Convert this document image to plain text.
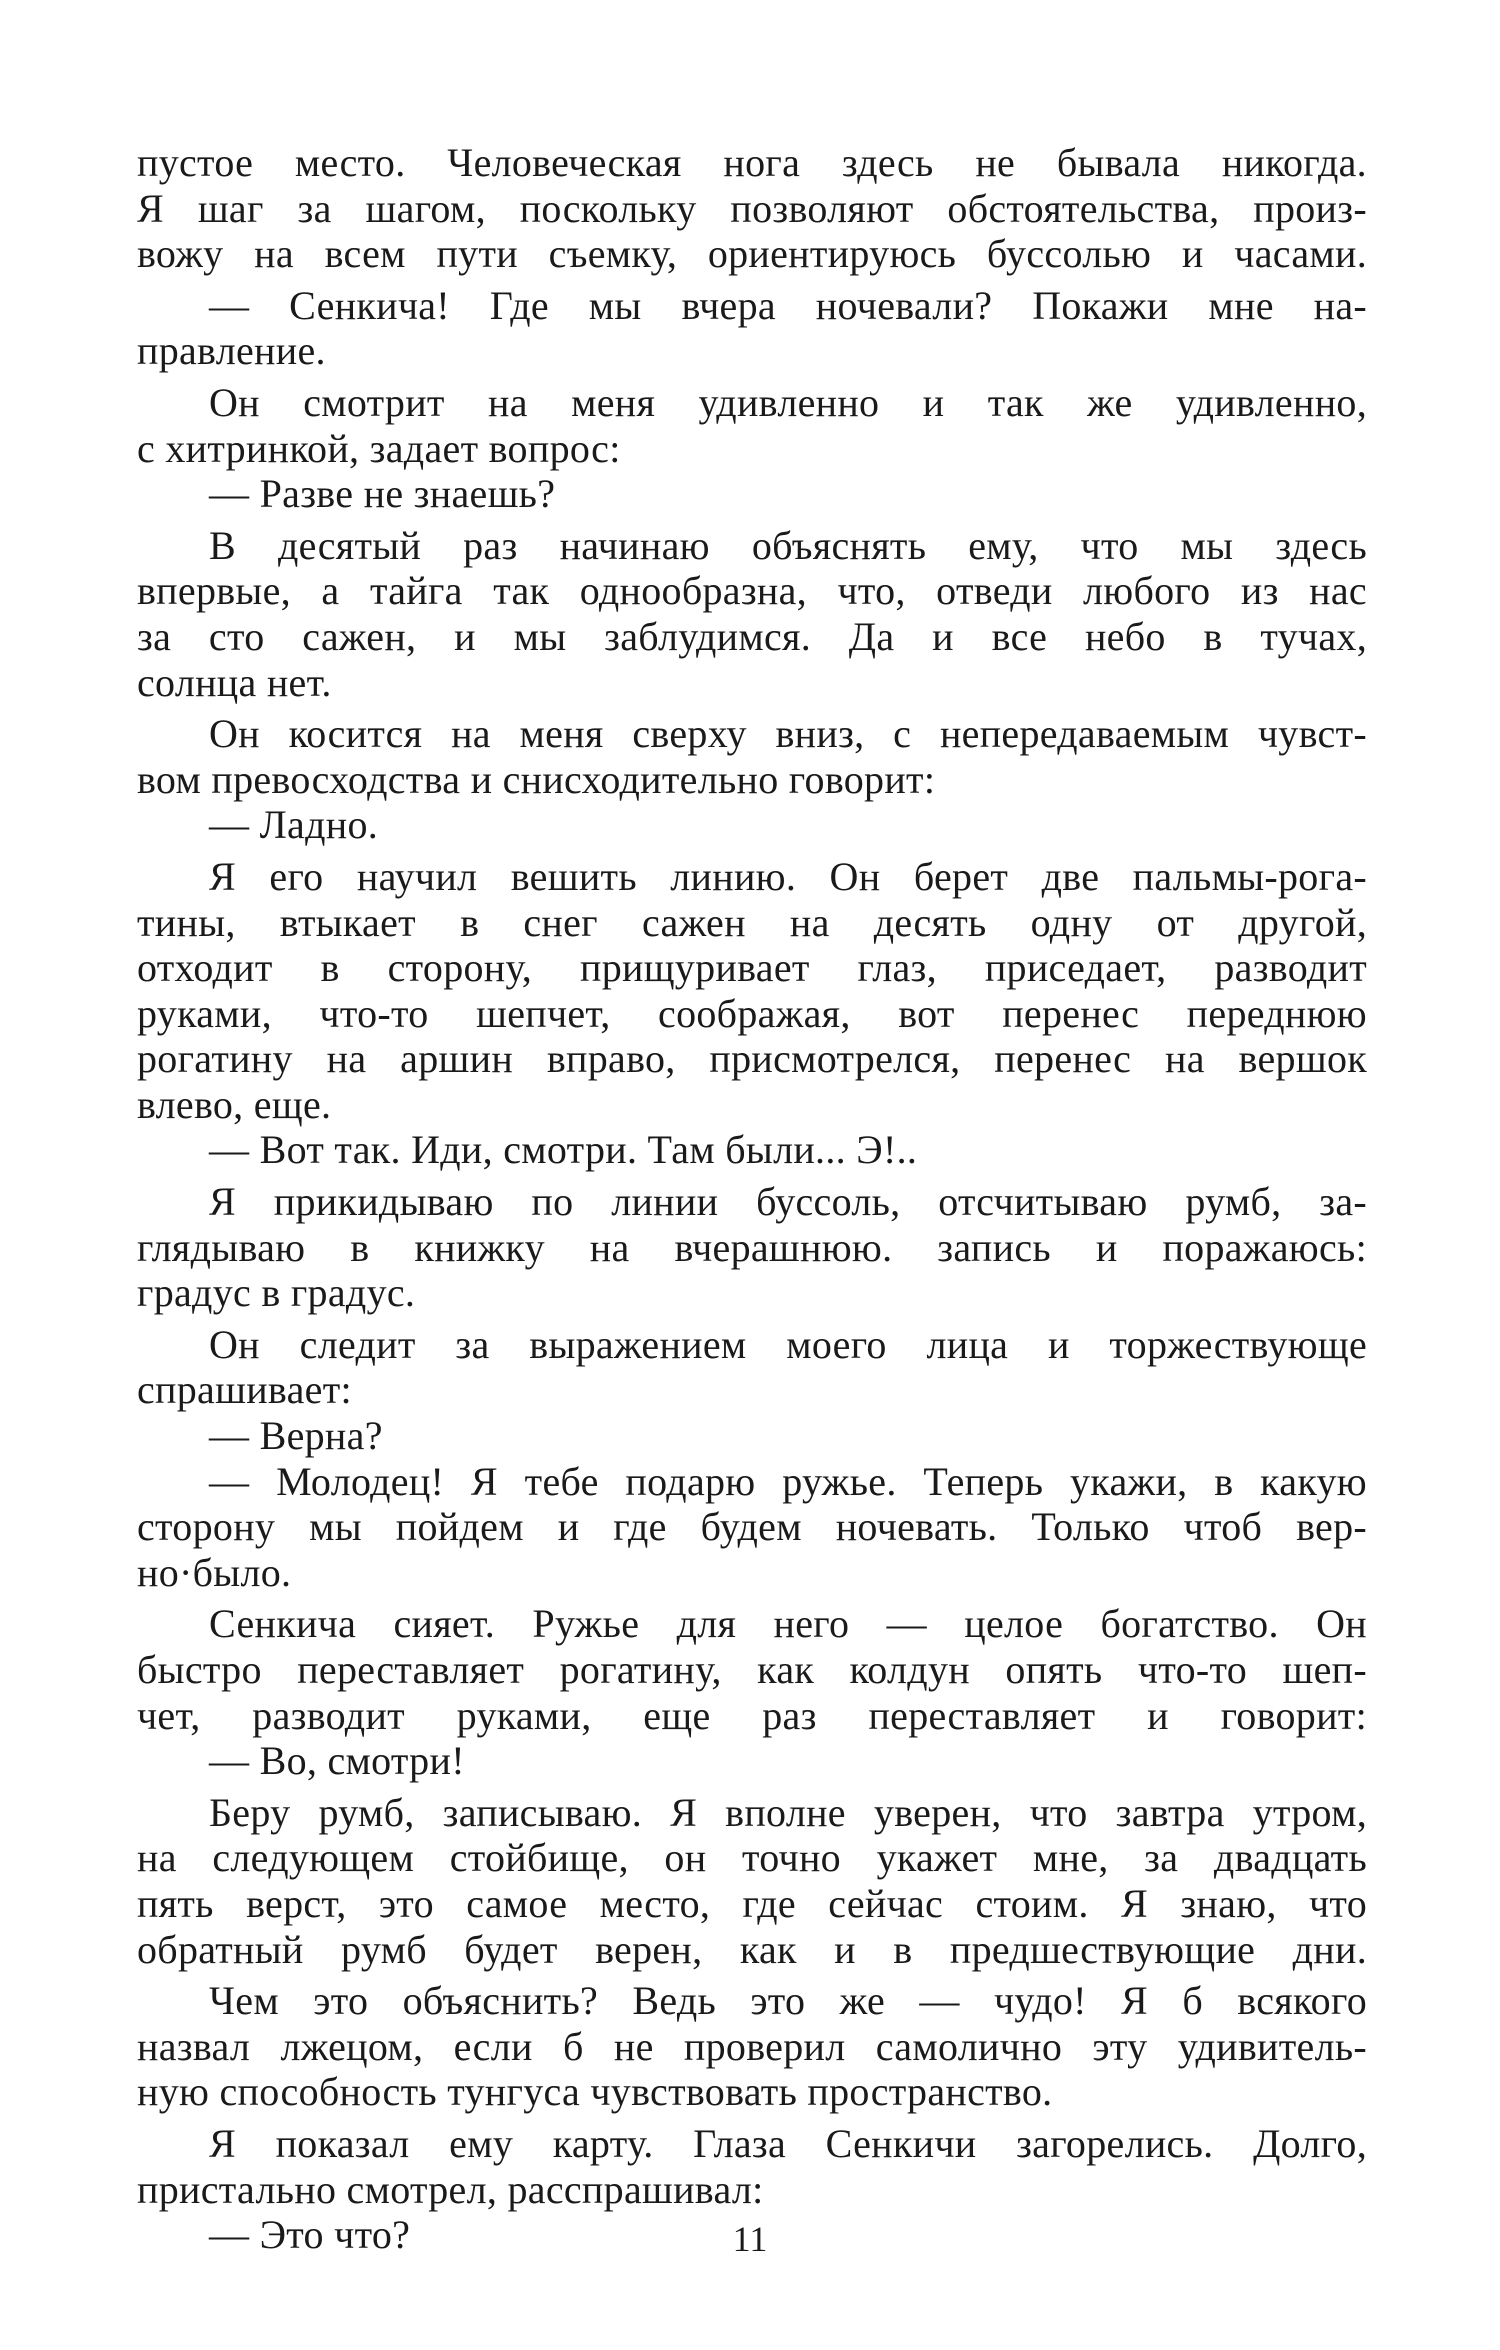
пустое место. Человеческая нога здесь не бывала никогда.
Я шаг за шагом, поскольку позволяют обстоятельства, произ-
вожу на всем пути съемку, ориентируюсь буссолью и часами.
— Сенкича! Где мы вчера ночевали? Покажи мне на-
правление.
Он смотрит на меня удивленно и так же удивленно,
с хитринкой, задает вопрос:
— Разве не знаешь?
В десятый раз начинаю объяснять ему, что мы здесь
впервые, а тайга так однообразна, что, отведи любого из нас
за сто сажен, и мы заблудимся. Да и все небо в тучах,
солнца нет.
Он косится на меня сверху вниз, с непередаваемым чувст-
вом превосходства и снисходительно говорит:
— Ладно.
Я его научил вешить линию. Он берет две пальмы-рога-
тины, втыкает в снег сажен на десять одну от другой,
отходит в сторону, прищуривает глаз, приседает, разводит
руками, что-то шепчет, соображая, вот перенес переднюю
рогатину на аршин вправо, присмотрелся, перенес на вершок
влево, еще.
— Вот так. Иди, смотри. Там были... Э!..
Я прикидываю по линии буссоль, отсчитываю румб, за-
глядываю в книжку на вчерашнюю. запись и поражаюсь:
градус в градус.
Он следит за выражением моего лица и торжествующе
спрашивает:
— Верна?
— Молодец! Я тебе подарю ружье. Теперь укажи, в какую
сторону мы пойдем и где будем ночевать. Только чтоб вер-
но·было.
Сенкича сияет. Ружье для него — целое богатство. Он
быстро переставляет рогатину, как колдун опять что-то шеп-
чет, разводит руками, еще раз переставляет и говорит:
— Во, смотри!
Беру румб, записываю. Я вполне уверен, что завтра утром,
на следующем стойбище, он точно укажет мне, за двадцать
пять верст, это самое место, где сейчас стоим. Я знаю, что
обратный румб будет верен, как и в предшествующие дни.
Чем это объяснить? Ведь это же — чудо! Я б всякого
назвал лжецом, если б не проверил самолично эту удивитель-
ную способность тунгуса чувствовать пространство.
Я показал ему карту. Глаза Сенкичи загорелись. Долго,
пристально смотрел, расспрашивал:
— Это что?	11
